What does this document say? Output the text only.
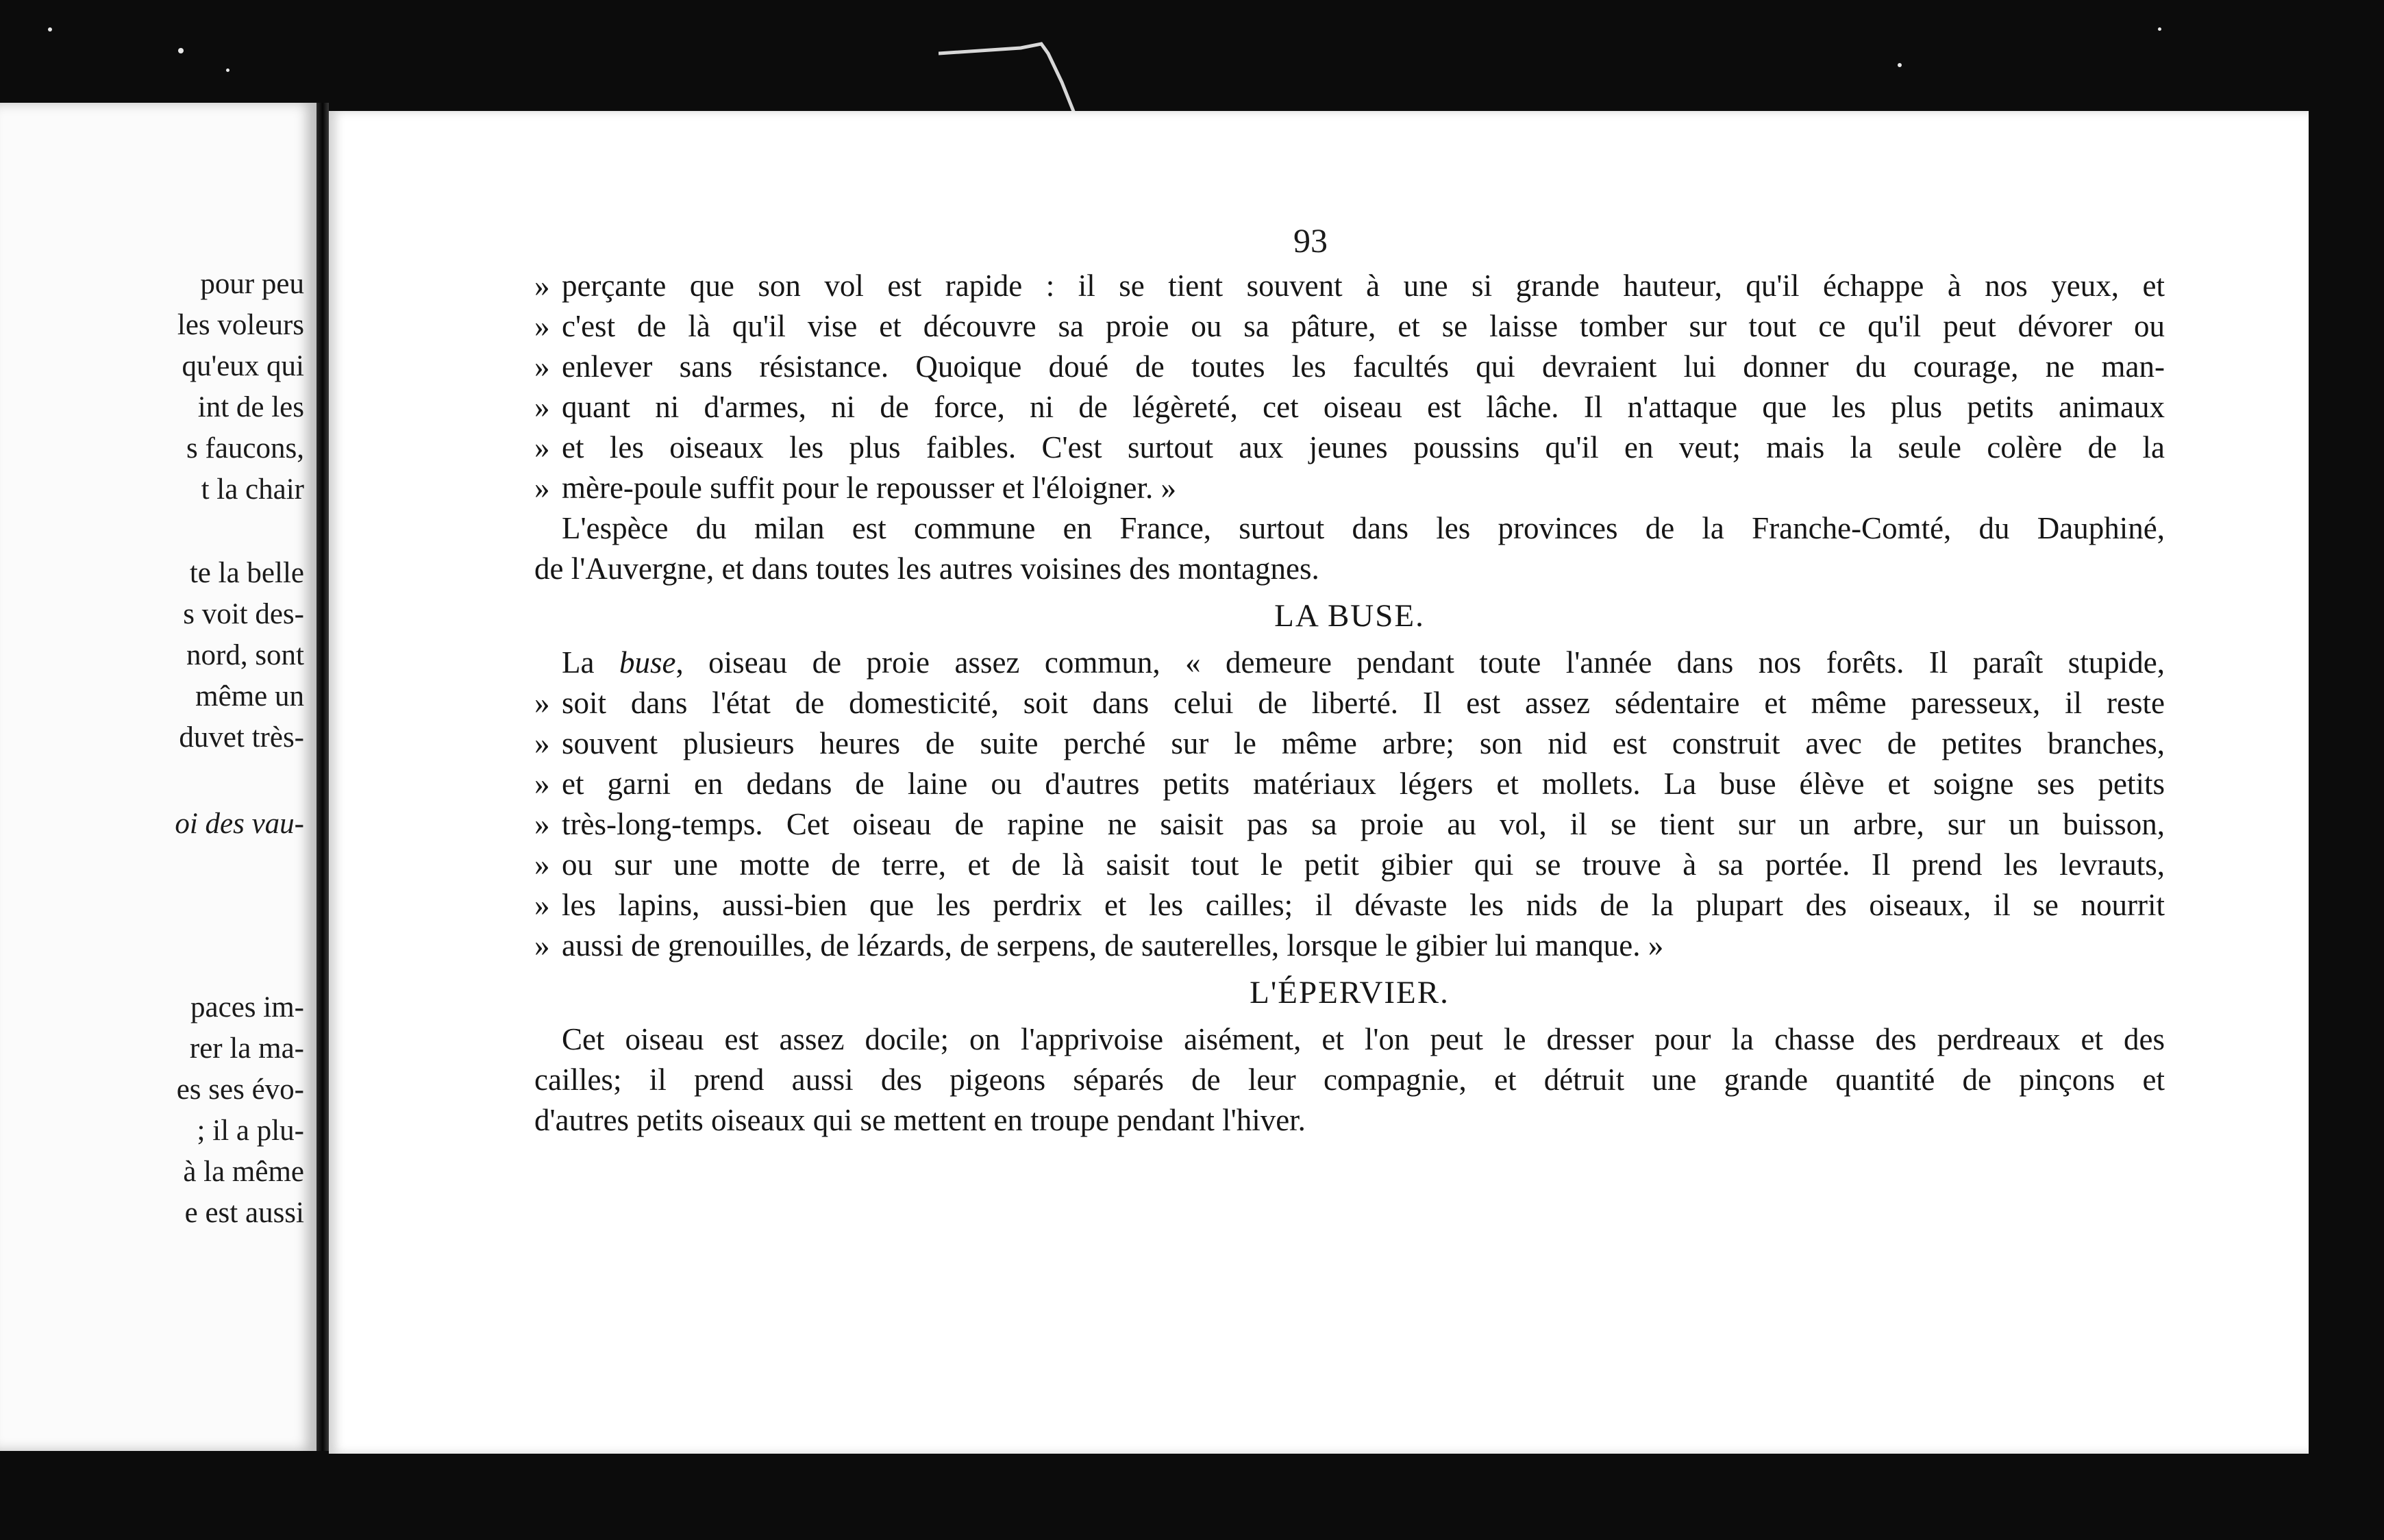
pour peu
les voleurs
qu'eux qui
int de les
s faucons,
t la chair
te la belle
s voit des-
nord, sont
même un
duvet très-
oi des vau-
paces im-
rer la ma-
es ses évo-
; il a plu-
à la même
e est aussi
93
» perçante que son vol est rapide : il se tient souvent à une si grande hauteur, qu'il échappe à nos yeux, et
» c'est de là qu'il vise et découvre sa proie ou sa pâture, et se laisse tomber sur tout ce qu'il peut dévorer ou
» enlever sans résistance. Quoique doué de toutes les facultés qui devraient lui donner du courage, ne man-
» quant ni d'armes, ni de force, ni de légèreté, cet oiseau est lâche. Il n'attaque que les plus petits animaux
» et les oiseaux les plus faibles. C'est surtout aux jeunes poussins qu'il en veut; mais la seule colère de la
» mère-poule suffit pour le repousser et l'éloigner. »
L'espèce du milan est commune en France, surtout dans les provinces de la Franche-Comté, du Dauphiné,
de l'Auvergne, et dans toutes les autres voisines des montagnes.
LA BUSE.
La buse, oiseau de proie assez commun, « demeure pendant toute l'année dans nos forêts. Il paraît stupide,
» soit dans l'état de domesticité, soit dans celui de liberté. Il est assez sédentaire et même paresseux, il reste
» souvent plusieurs heures de suite perché sur le même arbre; son nid est construit avec de petites branches,
» et garni en dedans de laine ou d'autres petits matériaux légers et mollets. La buse élève et soigne ses petits
» très-long-temps. Cet oiseau de rapine ne saisit pas sa proie au vol, il se tient sur un arbre, sur un buisson,
» ou sur une motte de terre, et de là saisit tout le petit gibier qui se trouve à sa portée. Il prend les levrauts,
» les lapins, aussi-bien que les perdrix et les cailles; il dévaste les nids de la plupart des oiseaux, il se nourrit
» aussi de grenouilles, de lézards, de serpens, de sauterelles, lorsque le gibier lui manque. »
L'ÉPERVIER.
Cet oiseau est assez docile; on l'apprivoise aisément, et l'on peut le dresser pour la chasse des perdreaux et des
cailles; il prend aussi des pigeons séparés de leur compagnie, et détruit une grande quantité de pinçons et
d'autres petits oiseaux qui se mettent en troupe pendant l'hiver.
